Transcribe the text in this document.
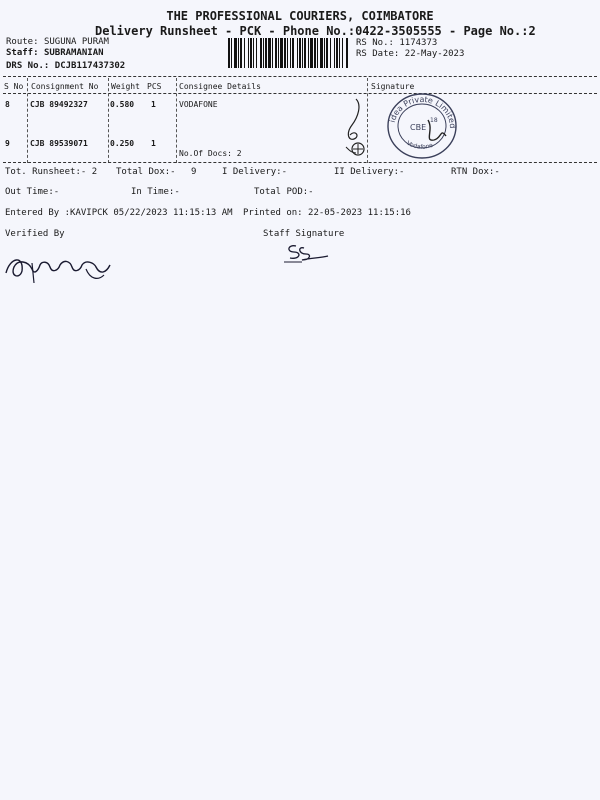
THE PROFESSIONAL COURIERS, COIMBATORE
Delivery Runsheet - PCK - Phone No.:0422-3505555 - Page No.:2
Route: SUGUNA PURAM
Staff: SUBRAMANIAN
DRS No.: DCJB117437302
RS No.: 1174373
RS Date: 22-May-2023
S No Consignment No Weight PCS Consignee Details	Signature
8	CJB 89492327	0.580 1	VODAFONE
9	CJB 89539071	0.250 1
No.Of Docs: 2
idea Private Limited
Vodafone
CBE
18
Tot. Runsheet:- 2 Total Dox:- 9	I Delivery:-	II Delivery:-	RTN Dox:-
Out Time:-	In Time:-	Total POD:-
Entered By :KAVIPCK 05/22/2023 11:15:13 AM Printed on: 22-05-2023 11:15:16
Verified By	Staff Signature
